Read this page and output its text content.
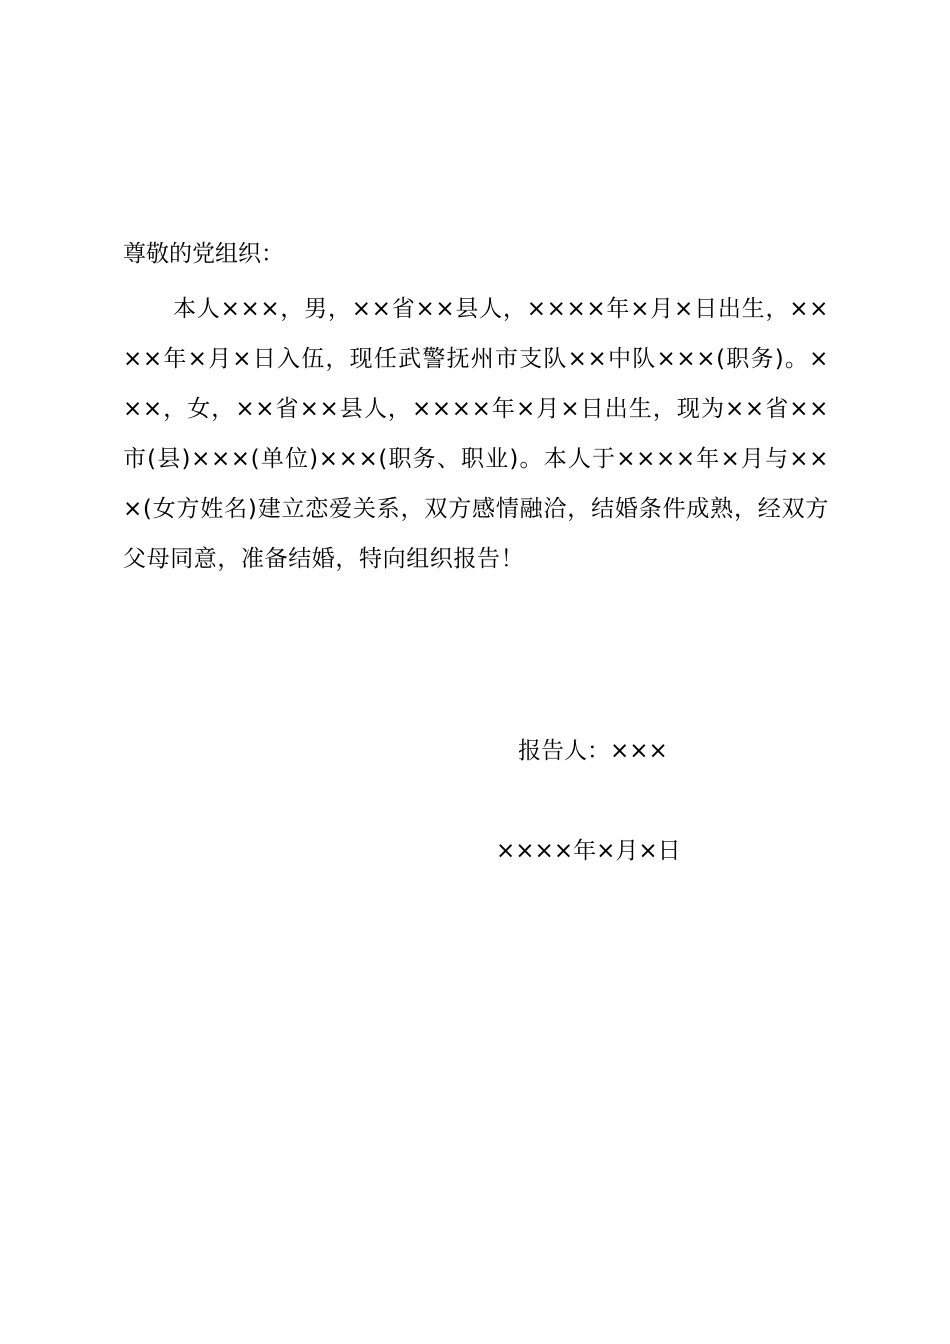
尊敬的党组织：

本人×××，男，××省××县人，××××年×月×日出生，××××年×月×日入伍，现任武警抚州市支队××中队×××(职务)。×××，女，××省××县人，××××年×月×日出生，现为××省××市(县)×××(单位)×××(职务、职业)。本人于××××年×月与×××(女方姓名)建立恋爱关系，双方感情融洽，结婚条件成熟，经双方父母同意，准备结婚，特向组织报告！

报告人：×××
××××年×月×日
